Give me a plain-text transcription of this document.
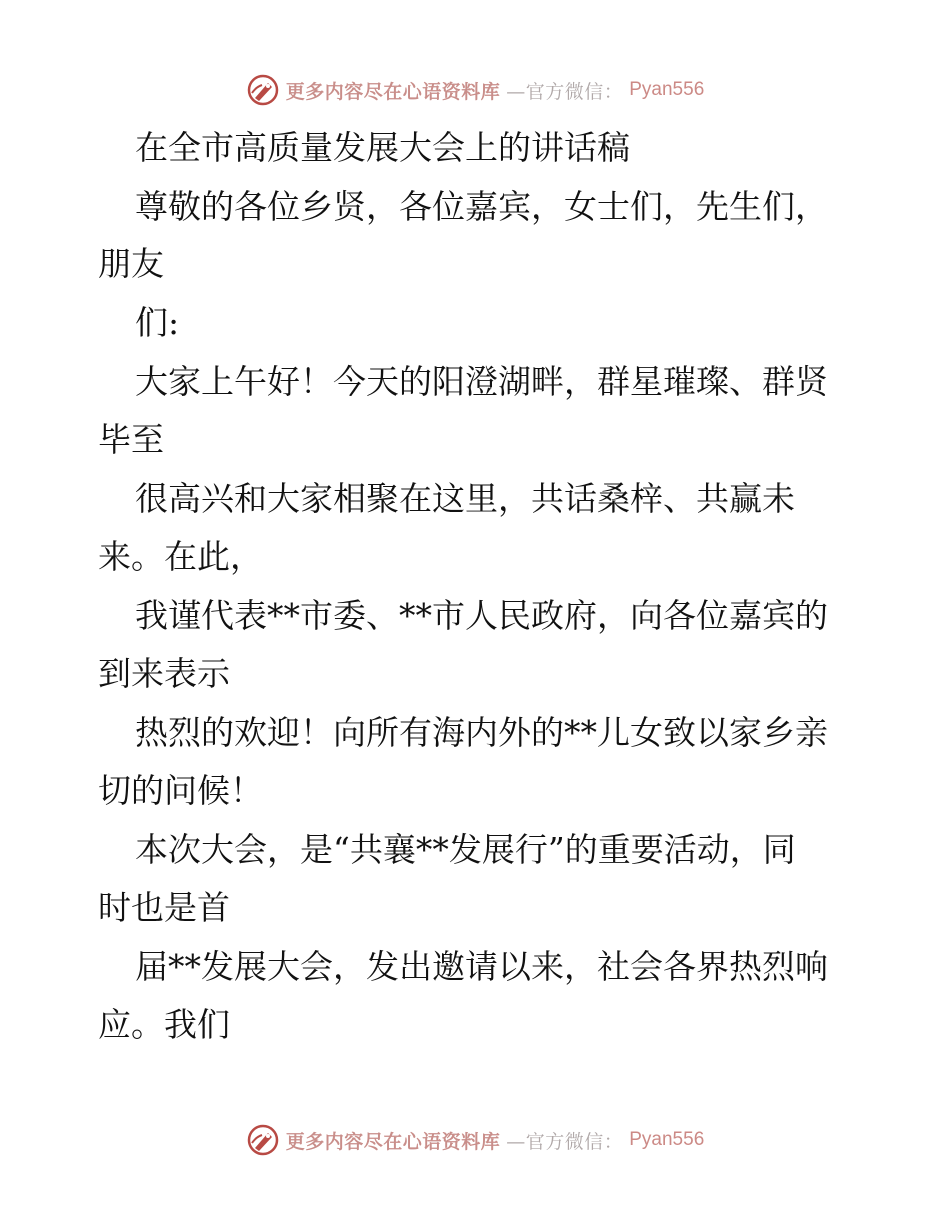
更多内容尽在心语资料库 —官方微信： Pyan556
在全市高质量发展大会上的讲话稿
尊敬的各位乡贤，各位嘉宾，女士们，先生们，
朋友
们:
大家上午好！今天的阳澄湖畔，群星璀璨、群贤
毕至
很高兴和大家相聚在这里，共话桑梓、共赢未
来。在此，
我谨代表**市委、**市人民政府，向各位嘉宾的
到来表示
热烈的欢迎！向所有海内外的**儿女致以家乡亲
切的问候！
本次大会，是“共襄**发展行”的重要活动，同
时也是首
届**发展大会，发出邀请以来，社会各界热烈响
应。我们
更多内容尽在心语资料库 —官方微信： Pyan556
